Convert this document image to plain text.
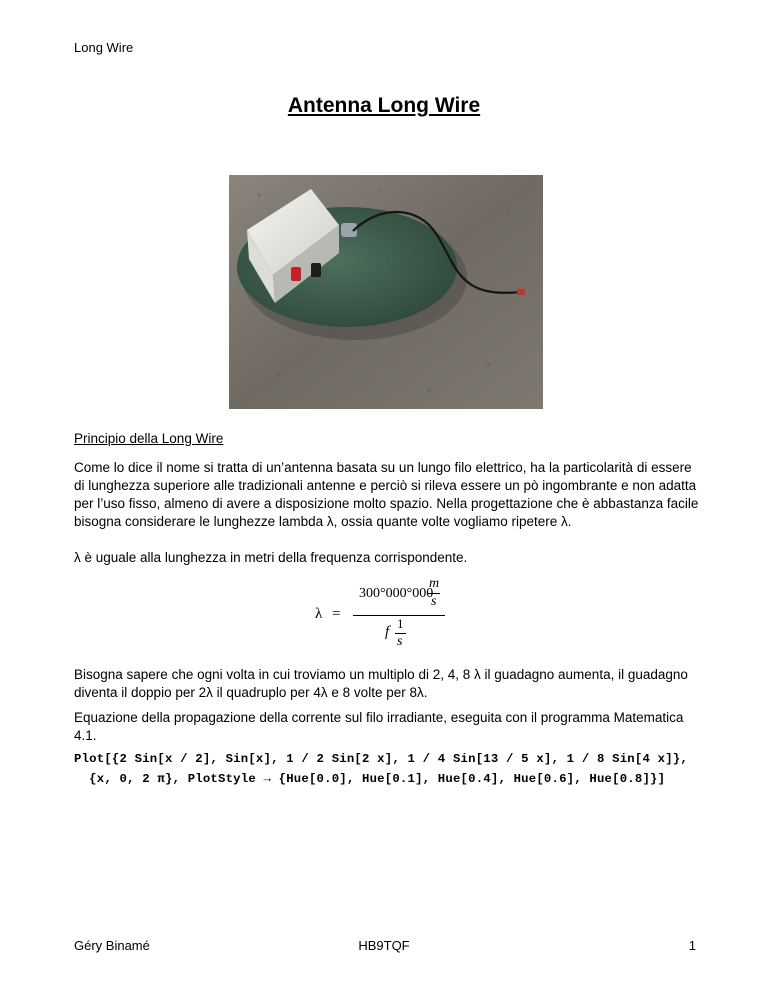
Long Wire
Antenna Long Wire
Principio della Long Wire
Come lo dice il nome si tratta di un’antenna basata su un lungo filo elettrico, ha la particolarità di essere di lunghezza superiore alle tradizionali antenne e perciò si rileva essere un pò ingombrante e non adatta per l’uso fisso, almeno di avere a disposizione molto spazio. Nella progettazione che è abbastanza facile bisogna considerare le lunghezze lambda λ, ossia quante volte vogliamo ripetere λ.
λ è uguale alla lunghezza in metri della frequenza corrispondente.
λ =
300°000°000
m
s
f
1
s
Bisogna sapere che ogni volta in cui troviamo un multiplo di 2, 4, 8 λ il guadagno aumenta, il guadagno diventa il doppio per 2λ il quadruplo per 4λ e 8 volte per 8λ.
Equazione della propagazione della corrente sul filo irradiante, eseguita con il programma Matematica 4.1.
Plot[{2 Sin[x / 2], Sin[x], 1 / 2 Sin[2 x], 1 / 4 Sin[13 / 5 x], 1 / 8 Sin[4 x]},
{x, 0, 2 π}, PlotStyle → {Hue[0.0], Hue[0.1], Hue[0.4], Hue[0.6], Hue[0.8]}]
Géry Binamé	HB9TQF	1
